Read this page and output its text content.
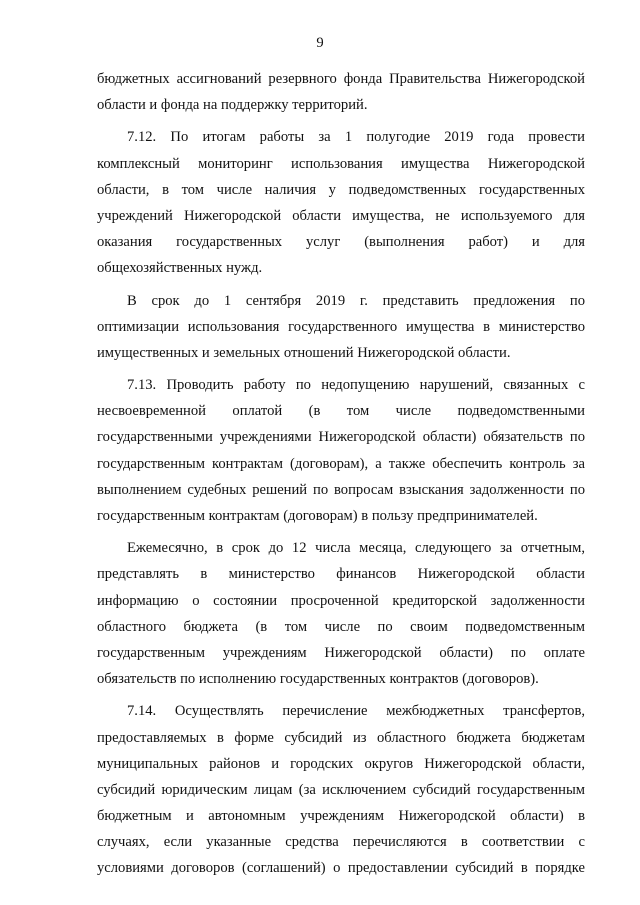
9

бюджетных ассигнований резервного фонда Правительства Нижегородской
области и фонда на поддержку территорий.

7.12. По итогам работы за 1 полугодие 2019 года провести
комплексный мониторинг использования имущества Нижегородской
области, в том числе наличия у подведомственных государственных
учреждений Нижегородской области имущества, не используемого для
оказания государственных услуг (выполнения работ) и для
общехозяйственных нужд.

В срок до 1 сентября 2019 г. представить предложения по
оптимизации использования государственного имущества в министерство
имущественных и земельных отношений Нижегородской области.

7.13. Проводить работу по недопущению нарушений, связанных с
несвоевременной оплатой (в том числе подведомственными
государственными учреждениями Нижегородской области) обязательств по
государственным контрактам (договорам), а также обеспечить контроль за
выполнением судебных решений по вопросам взыскания задолженности по
государственным контрактам (договорам) в пользу предпринимателей.

Ежемесячно, в срок до 12 числа месяца, следующего за отчетным,
представлять в министерство финансов Нижегородской области
информацию о состоянии просроченной кредиторской задолженности
областного бюджета (в том числе по своим подведомственным
государственным учреждениям Нижегородской области) по оплате
обязательств по исполнению государственных контрактов (договоров).

7.14. Осуществлять перечисление межбюджетных трансфертов,
предоставляемых в форме субсидий из областного бюджета бюджетам
муниципальных районов и городских округов Нижегородской области,
субсидий юридическим лицам (за исключением субсидий государственным
бюджетным и автономным учреждениям Нижегородской области) в
случаях, если указанные средства перечисляются в соответствии с
условиями договоров (соглашений) о предоставлении субсидий в порядке
